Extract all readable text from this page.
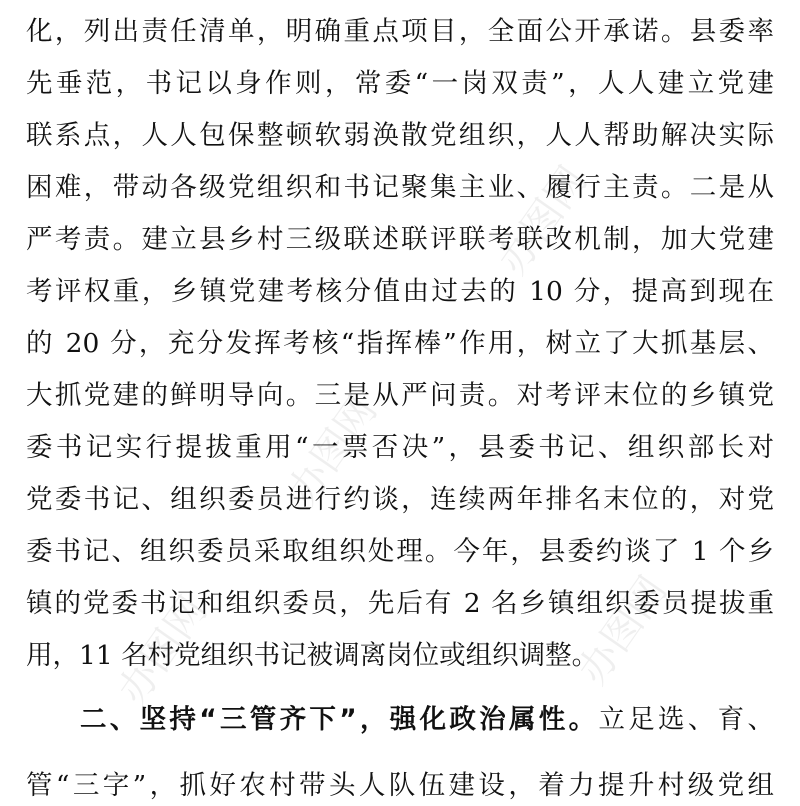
化，列出责任清单，明确重点项目，全面公开承诺。县委率
先垂范，书记以身作则，常委“一岗双责”，人人建立党建
联系点，人人包保整顿软弱涣散党组织，人人帮助解决实际
困难，带动各级党组织和书记聚集主业、履行主责。二是从
严考责。建立县乡村三级联述联评联考联改机制，加大党建
考评权重，乡镇党建考核分值由过去的 10 分，提高到现在
的 20 分，充分发挥考核“指挥棒”作用，树立了大抓基层、
大抓党建的鲜明导向。三是从严问责。对考评末位的乡镇党
委书记实行提拔重用“一票否决”，县委书记、组织部长对
党委书记、组织委员进行约谈，连续两年排名末位的，对党
委书记、组织委员采取组织处理。今年，县委约谈了 1 个乡
镇的党委书记和组织委员，先后有 2 名乡镇组织委员提拔重
用，11 名村党组织书记被调离岗位或组织调整。
二、坚持“三管齐下”，强化政治属性。立足选、育、
管“三字”，抓好农村带头人队伍建设，着力提升村级党组
办图网
办图网
办图网	办图网
